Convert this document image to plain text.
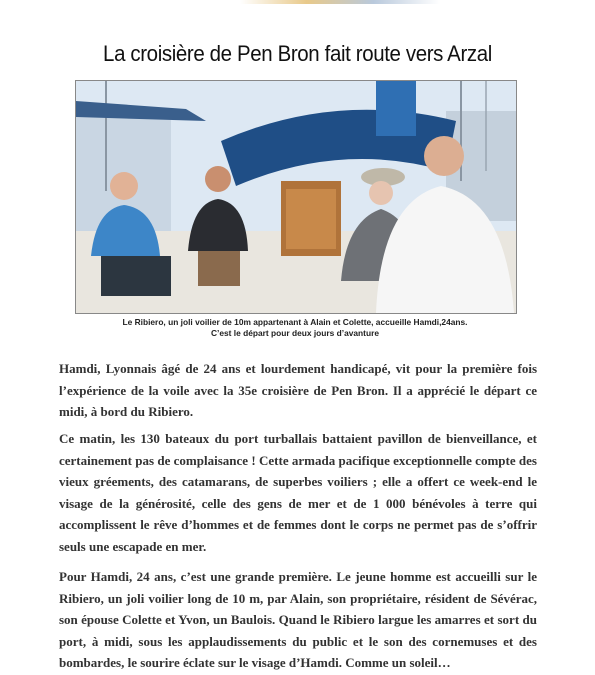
La croisière de Pen Bron fait route vers Arzal
Le Ribiero, un joli voilier de 10m appartenant à Alain et Colette, accueille Hamdi,24ans.
C’est le départ pour deux jours d’avanture

Hamdi, Lyonnais âgé de 24 ans et lourdement handicapé, vit pour la première fois l’expérience de la voile avec la 35e croisière de Pen Bron. Il a apprécié le départ ce midi, à bord du Ribiero.

Ce matin, les 130 bateaux du port turballais battaient pavillon de bienveillance, et certainement pas de complaisance ! Cette armada pacifique exceptionnelle compte des vieux gréements, des catamarans, de superbes voiliers ; elle a offert ce week-end le visage de la générosité, celle des gens de mer et de 1 000 bénévoles à terre qui accomplissent le rêve d’hommes et de femmes dont le corps ne permet pas de s’offrir seuls une escapade en mer.

Pour Hamdi, 24 ans, c’est une grande première. Le jeune homme est accueilli sur le Ribiero, un joli voilier long de 10 m, par Alain, son propriétaire, résident de Sévérac, son épouse Colette et Yvon, un Baulois. Quand le Ribiero largue les amarres et sort du port, à midi, sous les applaudissements du public et le son des cornemuses et des bombardes, le sourire éclate sur le visage d’Hamdi. Comme un soleil…
